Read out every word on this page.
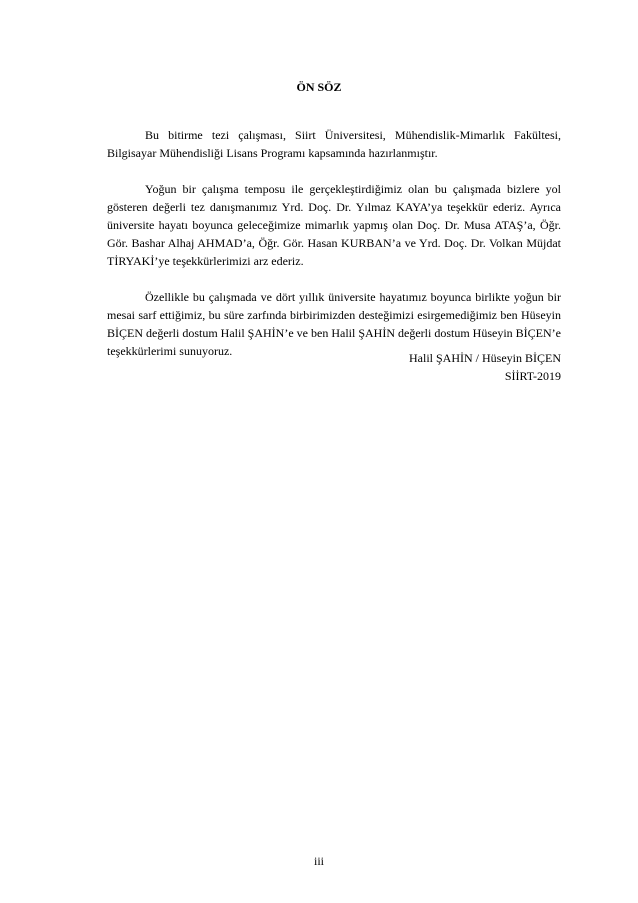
ÖN SÖZ

Bu bitirme tezi çalışması, Siirt Üniversitesi, Mühendislik-Mimarlık Fakültesi, Bilgisayar Mühendisliği Lisans Programı kapsamında hazırlanmıştır.

Yoğun bir çalışma temposu ile gerçekleştirdiğimiz olan bu çalışmada bizlere yol gösteren değerli tez danışmanımız Yrd. Doç. Dr. Yılmaz KAYA’ya teşekkür ederiz. Ayrıca üniversite hayatı boyunca geleceğimize mimarlık yapmış olan Doç. Dr. Musa ATAŞ’a, Öğr. Gör. Bashar Alhaj AHMAD’a, Öğr. Gör. Hasan KURBAN’a ve Yrd. Doç. Dr. Volkan Müjdat TİRYAKİ’ye teşekkürlerimizi arz ederiz.

Özellikle bu çalışmada ve dört yıllık üniversite hayatımız boyunca birlikte yoğun bir mesai sarf ettiğimiz, bu süre zarfında birbirimizden desteğimizi esirgemediğimiz ben Hüseyin BİÇEN değerli dostum Halil ŞAHİN’e ve ben Halil ŞAHİN değerli dostum Hüseyin BİÇEN’e teşekkürlerimi sunuyoruz.	Halil ŞAHİN / Hüseyin BİÇEN
SİİRT-2019
iii
